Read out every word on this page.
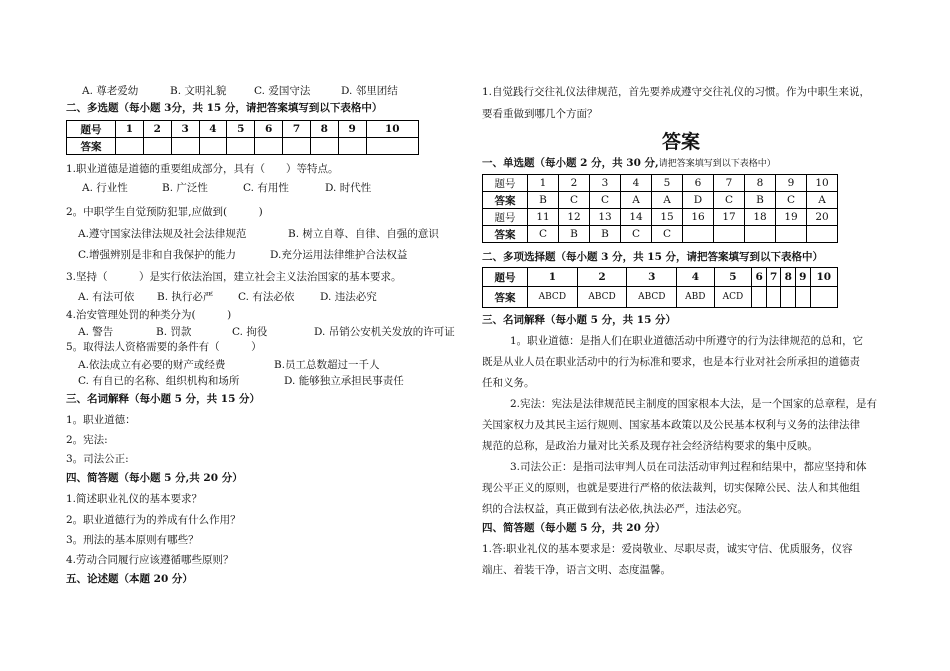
A. 尊老爱幼	B. 文明礼貌	C. 爱国守法	D. 邻里团结
二、多选题（每小题 3分，共 15 分，请把答案填写到以下表格中）
题号	1	2	3	4	5	6	7	8	9	10
答案										
1.职业道德是道德的重要组成部分，具有（　　）等特点。
A. 行业性	B. 广泛性	C. 有用性	D. 时代性
2。中职学生自觉预防犯罪,应做到(　　　)
A.遵守国家法律法规及社会法律规范	B. 树立自尊、自律、自强的意识
C.增强辨别是非和自我保护的能力	D.充分运用法律维护合法权益
3.坚持（　　　）是实行依法治国，建立社会主义法治国家的基本要求。
A. 有法可依 B. 执行必严 C. 有法必依 D. 违法必究
4.治安管理处罚的种类分为(　　　)
A. 警告	B. 罚款	C. 拘役	D. 吊销公安机关发放的许可证
5。取得法人资格需要的条件有（　　　）
A.依法成立有必要的财产或经费	B.员工总数超过一千人
C. 有自已的名称、组织机构和场所	D. 能够独立承担民事责任
三、名词解释（每小题 5 分，共 15 分）
1。职业道德：
2。宪法:
3。司法公正:
四、简答题（每小题 5 分,共 20 分）
1.简述职业礼仪的基本要求？
2。职业道德行为的养成有什么作用？
3。刑法的基本原则有哪些？
4.劳动合同履行应该遵循哪些原则？
五、论述题（本题 20 分）
1.自觉践行交往礼仪法律规范，首先要养成遵守交往礼仪的习惯。作为中职生来说，
要看重做到哪几个方面？
答案
一、单选题（每小题 2 分，共 30 分,请把答案填写到以下表格中）
题号	1	2	3	4	5	6	7	8	9	10
答案	B	C	C	A	A	D	C	B	C	A
题号	11	12	13	14	15	16	17	18	19	20
答案	C	B	B	C	C					
二、多项选择题（每小题 3 分，共 15 分，请把答案填写到以下表格中）
题号	1	2	3	4	5	6	7	8	9	10
答案	ABCD	ABCD	ABCD	ABD	ACD					
三、名词解释（每小题 5 分，共 15 分）
1。职业道德：是指人们在职业道德活动中所遵守的行为法律规范的总和，它
既是从业人员在职业活动中的行为标准和要求，也是本行业对社会所承担的道德责
任和义务。
2.宪法：宪法是法律规范民主制度的国家根本大法，是一个国家的总章程，是有
关国家权力及其民主运行规则、国家基本政策以及公民基本权利与义务的法律法律
规范的总称，是政治力量对比关系及现存社会经济结构要求的集中反映。
3.司法公正：是指司法审判人员在司法活动审判过程和结果中，都应坚持和体
现公平正义的原则，也就是要进行严格的依法裁判，切实保障公民、法人和其他组
织的合法权益，真正做到有法必依,执法必严，违法必究。
四、简答题（每小题 5 分，共 20 分）
1.答:职业礼仪的基本要求是：爱岗敬业、尽职尽责，诚实守信、优质服务，仪容
端庄、着装干净，语言文明、态度温馨。
